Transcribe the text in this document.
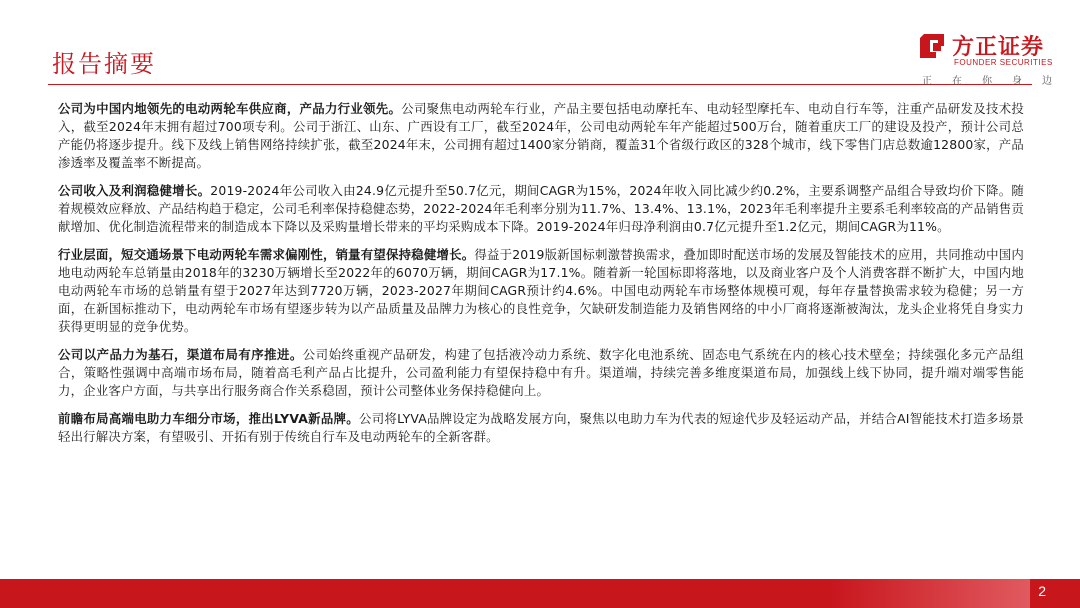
报告摘要
方正证券
FOUNDER SECURITIES
正 在 你 身 边

公司为中国内地领先的电动两轮车供应商，产品力行业领先。公司聚焦电动两轮车行业，产品主要包括电动摩托车、电动轻型摩托车、电动自行车等，注重产品研发及技术投入，截至2024年末拥有超过700项专利。公司于浙江、山东、广西设有工厂，截至2024年，公司电动两轮车年产能超过500万台，随着重庆工厂的建设及投产，预计公司总产能仍将逐步提升。线下及线上销售网络持续扩张，截至2024年末，公司拥有超过1400家分销商，覆盖31个省级行政区的328个城市，线下零售门店总数逾12800家，产品渗透率及覆盖率不断提高。

公司收入及利润稳健增长。2019-2024年公司收入由24.9亿元提升至50.7亿元，期间CAGR为15%，2024年收入同比减少约0.2%，主要系调整产品组合导致均价下降。随着规模效应释放、产品结构趋于稳定，公司毛利率保持稳健态势，2022-2024年毛利率分别为11.7%、13.4%、13.1%，2023年毛利率提升主要系毛利率较高的产品销售贡献增加、优化制造流程带来的制造成本下降以及采购量增长带来的平均采购成本下降。2019-2024年归母净利润由0.7亿元提升至1.2亿元，期间CAGR为11%。

行业层面，短交通场景下电动两轮车需求偏刚性，销量有望保持稳健增长。得益于2019版新国标刺激替换需求，叠加即时配送市场的发展及智能技术的应用，共同推动中国内地电动两轮车总销量由2018年的3230万辆增长至2022年的6070万辆，期间CAGR为17.1%。随着新一轮国标即将落地，以及商业客户及个人消费客群不断扩大，中国内地电动两轮车市场的总销量有望于2027年达到7720万辆，2023-2027年期间CAGR预计约4.6%。中国电动两轮车市场整体规模可观，每年存量替换需求较为稳健；另一方面，在新国标推动下，电动两轮车市场有望逐步转为以产品质量及品牌力为核心的良性竞争，欠缺研发制造能力及销售网络的中小厂商将逐渐被淘汰，龙头企业将凭自身实力获得更明显的竞争优势。

公司以产品力为基石，渠道布局有序推进。公司始终重视产品研发，构建了包括液冷动力系统、数字化电池系统、固态电气系统在内的核心技术壁垒；持续强化多元产品组合，策略性强调中高端市场布局，随着高毛利产品占比提升，公司盈利能力有望保持稳中有升。渠道端，持续完善多维度渠道布局，加强线上线下协同，提升端对端零售能力，企业客户方面，与共享出行服务商合作关系稳固，预计公司整体业务保持稳健向上。

前瞻布局高端电助力车细分市场，推出LYVA新品牌。公司将LYVA品牌设定为战略发展方向，聚焦以电助力车为代表的短途代步及轻运动产品，并结合AI智能技术打造多场景轻出行解决方案，有望吸引、开拓有别于传统自行车及电动两轮车的全新客群。

2
